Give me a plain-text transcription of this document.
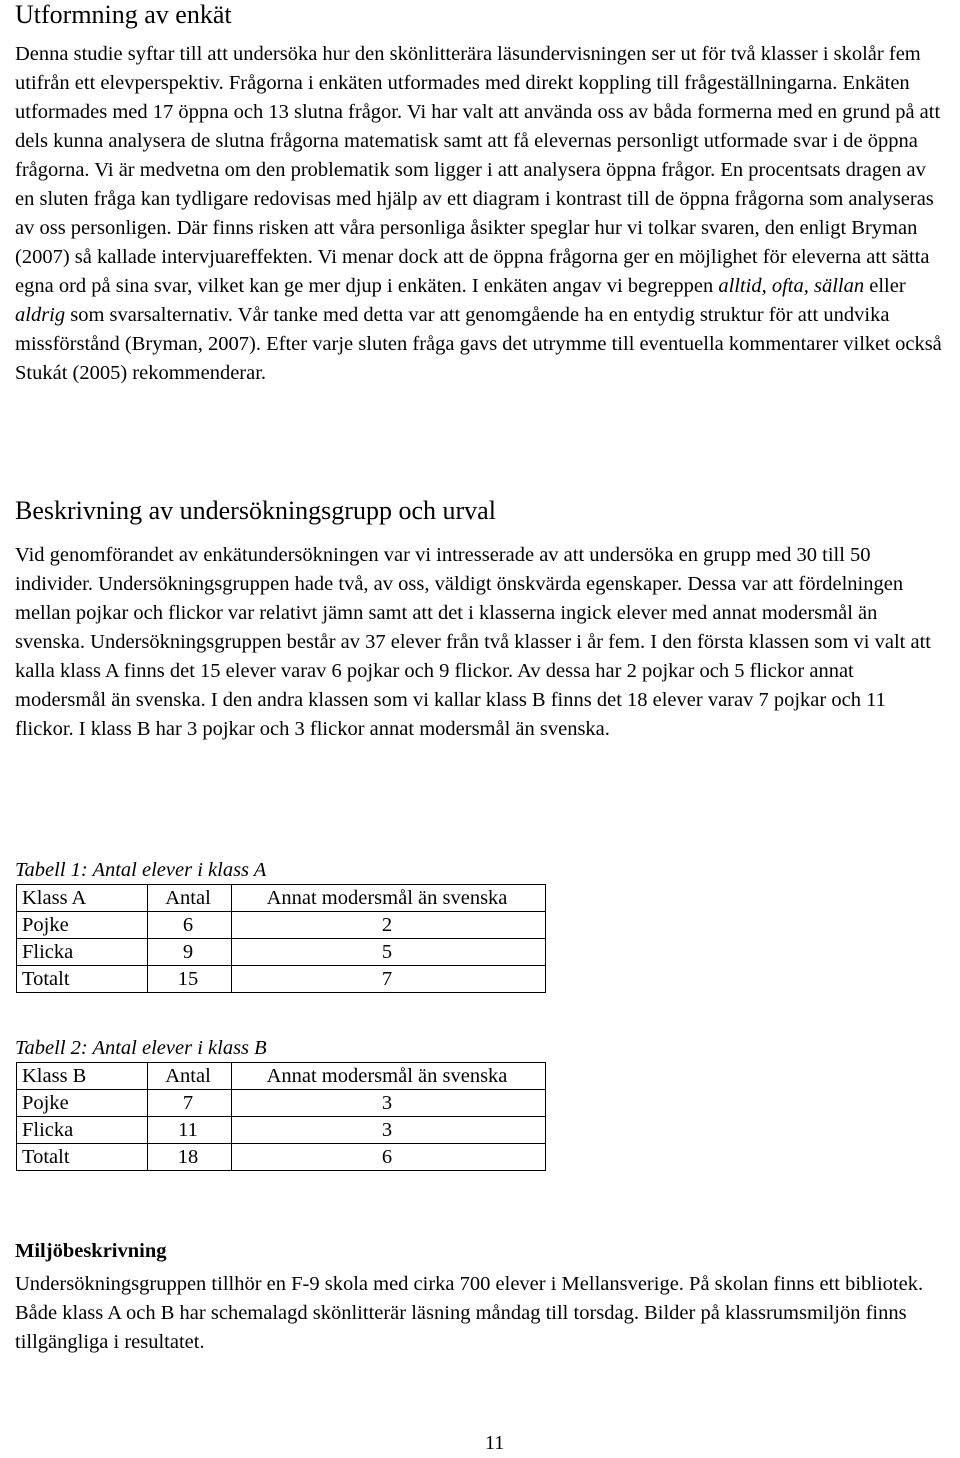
Utformning av enkät

Denna studie syftar till att undersöka hur den skönlitterära läsundervisningen ser ut för två klasser i skolår fem utifrån ett elevperspektiv. Frågorna i enkäten utformades med direkt koppling till frågeställningarna. Enkäten utformades med 17 öppna och 13 slutna frågor. Vi har valt att använda oss av båda formerna med en grund på att dels kunna analysera de slutna frågorna matematisk samt att få elevernas personligt utformade svar i de öppna frågorna. Vi är medvetna om den problematik som ligger i att analysera öppna frågor. En procentsats dragen av en sluten fråga kan tydligare redovisas med hjälp av ett diagram i kontrast till de öppna frågorna som analyseras av oss personligen. Där finns risken att våra personliga åsikter speglar hur vi tolkar svaren, den enligt Bryman (2007) så kallade intervjuareffekten. Vi menar dock att de öppna frågorna ger en möjlighet för eleverna att sätta egna ord på sina svar, vilket kan ge mer djup i enkäten. I enkäten angav vi begreppen alltid, ofta, sällan eller aldrig som svarsalternativ. Vår tanke med detta var att genomgående ha en entydig struktur för att undvika missförstånd (Bryman, 2007). Efter varje sluten fråga gavs det utrymme till eventuella kommentarer vilket också Stukát (2005) rekommenderar.

Beskrivning av undersökningsgrupp och urval

Vid genomförandet av enkätundersökningen var vi intresserade av att undersöka en grupp med 30 till 50 individer. Undersökningsgruppen hade två, av oss, väldigt önskvärda egenskaper. Dessa var att fördelningen mellan pojkar och flickor var relativt jämn samt att det i klasserna ingick elever med annat modersmål än svenska. Undersökningsgruppen består av 37 elever från två klasser i år fem. I den första klassen som vi valt att kalla klass A finns det 15 elever varav 6 pojkar och 9 flickor. Av dessa har 2 pojkar och 5 flickor annat modersmål än svenska. I den andra klassen som vi kallar klass B finns det 18 elever varav 7 pojkar och 11 flickor. I klass B har 3 pojkar och 3 flickor annat modersmål än svenska.

Tabell 1: Antal elever i klass A
Klass A	Antal	Annat modersmål än svenska
Pojke	6	2
Flicka	9	5
Totalt	15	7
Tabell 2: Antal elever i klass B
Klass B	Antal	Annat modersmål än svenska
Pojke	7	3
Flicka	11	3
Totalt	18	6
Miljöbeskrivning

Undersökningsgruppen tillhör en F-9 skola med cirka 700 elever i Mellansverige. På skolan finns ett bibliotek. Både klass A och B har schemalagd skönlitterär läsning måndag till torsdag. Bilder på klassrumsmiljön finns tillgängliga i resultatet.

11
